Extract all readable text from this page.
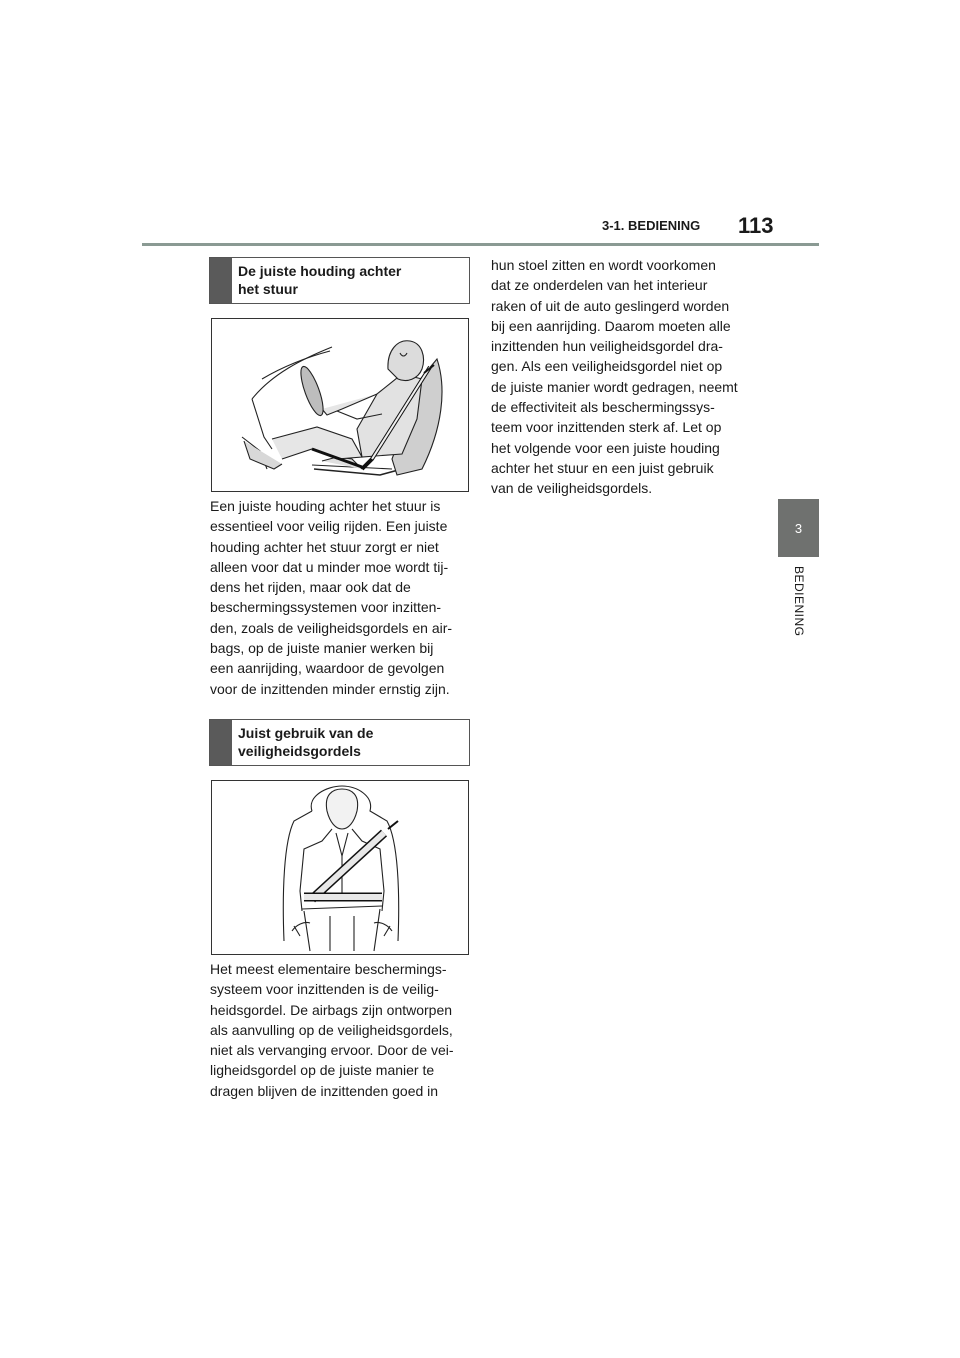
3-1. BEDIENING 113
3
BEDIENING
De juiste houding achter
het stuur
Een juiste houding achter het stuur is
essentieel voor veilig rijden. Een juiste
houding achter het stuur zorgt er niet
alleen voor dat u minder moe wordt tij-
dens het rijden, maar ook dat de
beschermingssystemen voor inzitten-
den, zoals de veiligheidsgordels en air-
bags, op de juiste manier werken bij
een aanrijding, waardoor de gevolgen
voor de inzittenden minder ernstig zijn.
Juist gebruik van de
veiligheidsgordels
Het meest elementaire beschermings-
systeem voor inzittenden is de veilig-
heidsgordel. De airbags zijn ontworpen
als aanvulling op de veiligheidsgordels,
niet als vervanging ervoor. Door de vei-
ligheidsgordel op de juiste manier te
dragen blijven de inzittenden goed in
hun stoel zitten en wordt voorkomen
dat ze onderdelen van het interieur
raken of uit de auto geslingerd worden
bij een aanrijding. Daarom moeten alle
inzittenden hun veiligheidsgordel dra-
gen. Als een veiligheidsgordel niet op
de juiste manier wordt gedragen, neemt
de effectiviteit als beschermingssys-
teem voor inzittenden sterk af. Let op
het volgende voor een juiste houding
achter het stuur en een juist gebruik
van de veiligheidsgordels.
